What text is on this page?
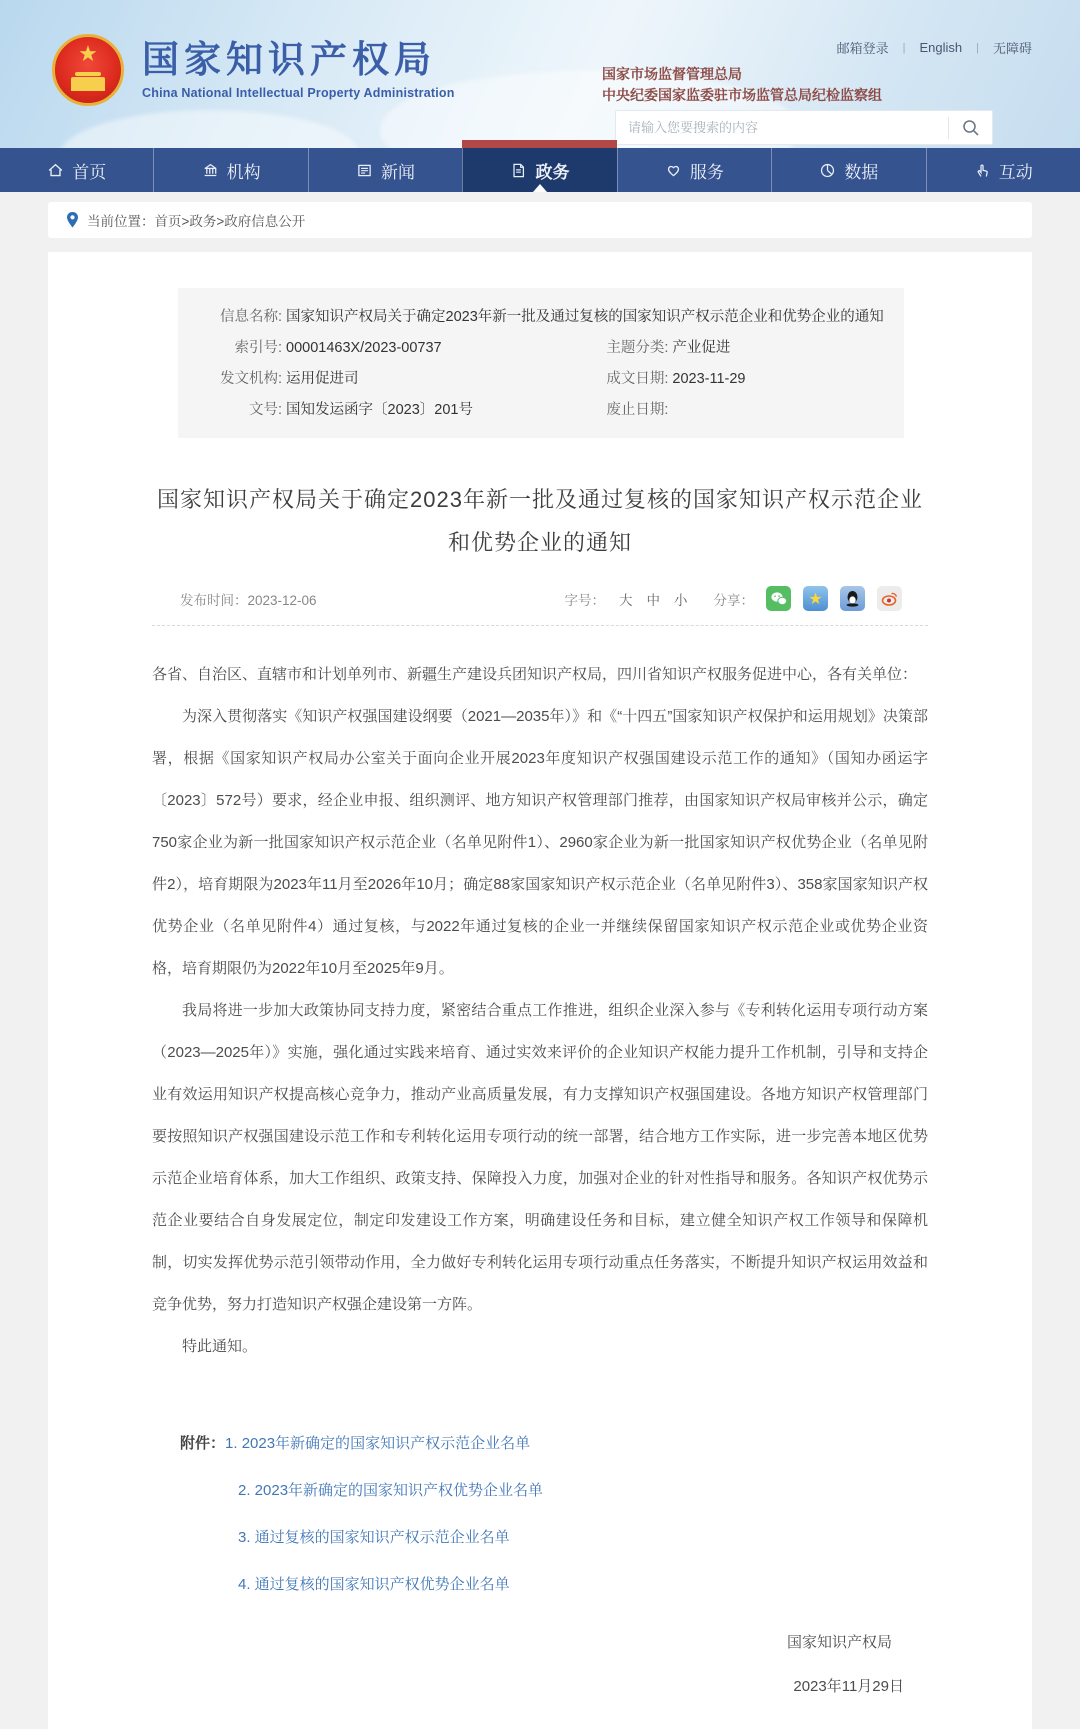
★ 国家知识产权局
China National Intellectual Property Administration
邮箱登录 | English | 无障碍
国家市场监督管理总局
中央纪委国家监委驻市场监管总局纪检监察组
请输入您要搜索的内容
首页	机构	新闻	政务	服务	数据	互动
当前位置： 首页>政务>政府信息公开
信息名称: 国家知识产权局关于确定2023年新一批及通过复核的国家知识产权示范企业和优势企业的通知
索引号: 00001463X/2023-00737	主题分类: 产业促进
发文机构: 运用促进司	成文日期: 2023-11-29
文号: 国知发运函字〔2023〕201号	废止日期:
国家知识产权局关于确定2023年新一批及通过复核的国家知识产权示范企业
和优势企业的通知
发布时间：2023-12-06	字号： 大 中 小 分享：	★

各省、自治区、直辖市和计划单列市、新疆生产建设兵团知识产权局，四川省知识产权服务促进中心，各有关单位：

为深入贯彻落实《知识产权强国建设纲要（2021—2035年）》和《“十四五”国家知识产权保护和运用规划》决策部署，根据《国家知识产权局办公室关于面向企业开展2023年度知识产权强国建设示范工作的通知》（国知办函运字〔2023〕572号）要求，经企业申报、组织测评、地方知识产权管理部门推荐，由国家知识产权局审核并公示，确定750家企业为新一批国家知识产权示范企业（名单见附件1）、2960家企业为新一批国家知识产权优势企业（名单见附件2），培育期限为2023年11月至2026年10月；确定88家国家知识产权示范企业（名单见附件3）、358家国家知识产权优势企业（名单见附件4）通过复核，与2022年通过复核的企业一并继续保留国家知识产权示范企业或优势企业资格，培育期限仍为2022年10月至2025年9月。

我局将进一步加大政策协同支持力度，紧密结合重点工作推进，组织企业深入参与《专利转化运用专项行动方案（2023—2025年）》实施，强化通过实践来培育、通过实效来评价的企业知识产权能力提升工作机制，引导和支持企业有效运用知识产权提高核心竞争力，推动产业高质量发展，有力支撑知识产权强国建设。各地方知识产权管理部门要按照知识产权强国建设示范工作和专利转化运用专项行动的统一部署，结合地方工作实际，进一步完善本地区优势示范企业培育体系，加大工作组织、政策支持、保障投入力度，加强对企业的针对性指导和服务。各知识产权优势示范企业要结合自身发展定位，制定印发建设工作方案，明确建设任务和目标，建立健全知识产权工作领导和保障机制，切实发挥优势示范引领带动作用，全力做好专利转化运用专项行动重点任务落实，不断提升知识产权运用效益和竞争优势，努力打造知识产权强企建设第一方阵。

特此通知。

附件： 1. 2023年新确定的国家知识产权示范企业名单
2. 2023年新确定的国家知识产权优势企业名单
3. 通过复核的国家知识产权示范企业名单
4. 通过复核的国家知识产权优势企业名单
国家知识产权局
2023年11月29日
